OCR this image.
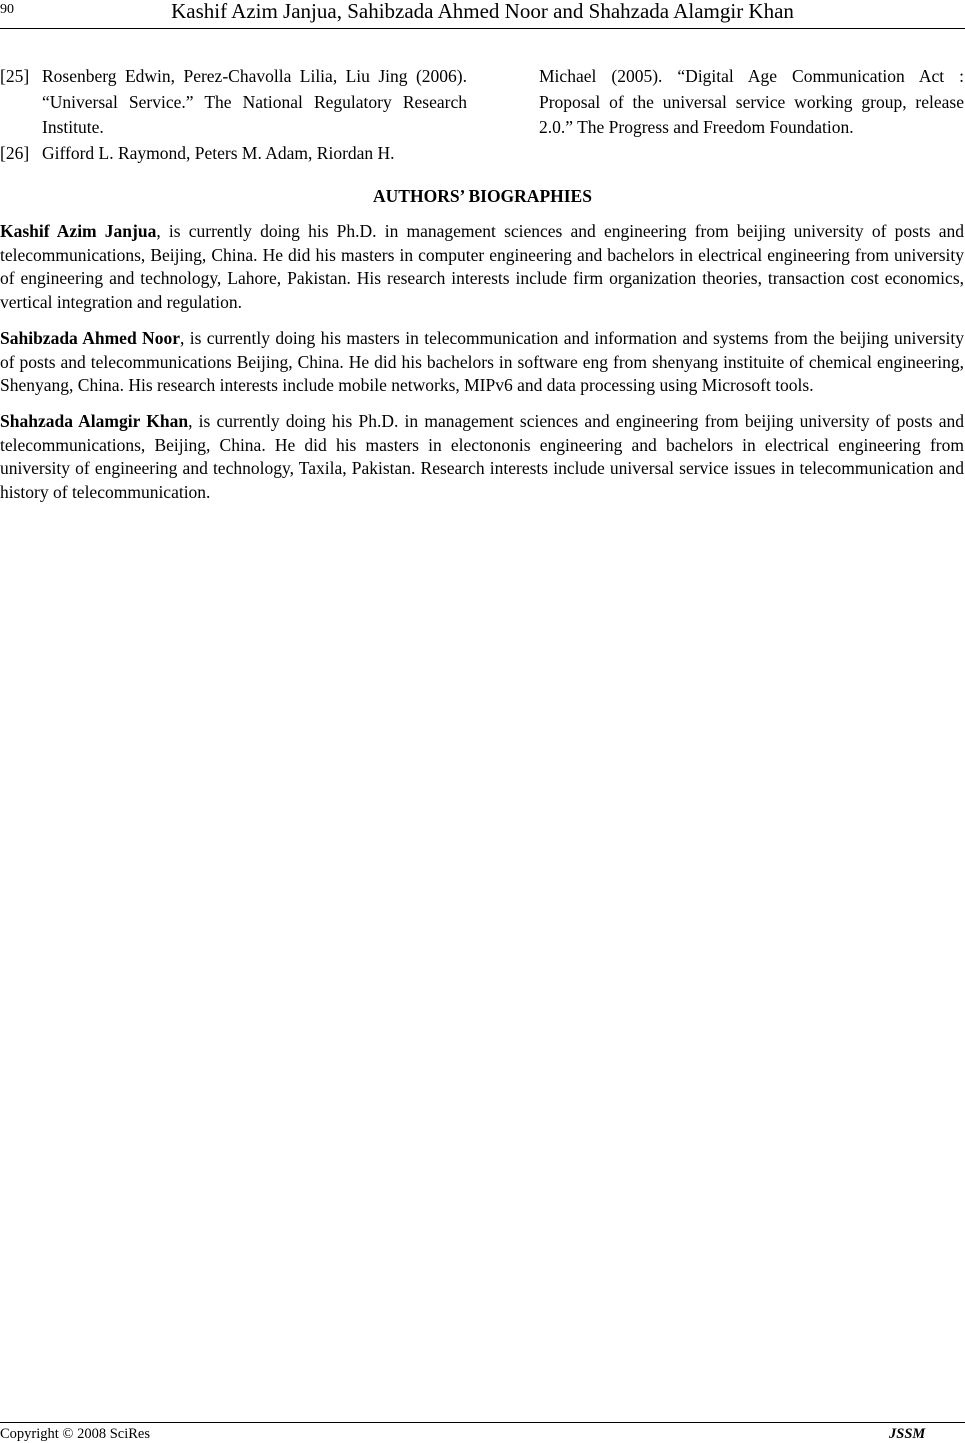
90	Kashif Azim Janjua, Sahibzada Ahmed Noor and Shahzada Alamgir Khan
[25] Rosenberg Edwin, Perez-Chavolla Lilia, Liu Jing (2006). “Universal Service.” The National Regulatory Research Institute.
[26] Gifford L. Raymond, Peters M. Adam, Riordan H.
Michael (2005). “Digital Age Communication Act : Proposal of the universal service working group, release 2.0.” The Progress and Freedom Foundation.
AUTHORS’ BIOGRAPHIES

Kashif Azim Janjua, is currently doing his Ph.D. in management sciences and engineering from beijing university of posts and telecommunications, Beijing, China. He did his masters in computer engineering and bachelors in electrical engineering from university of engineering and technology, Lahore, Pakistan. His research interests include firm organization theories, transaction cost economics, vertical integration and regulation.

Sahibzada Ahmed Noor, is currently doing his masters in telecommunication and information and systems from the beijing university of posts and telecommunications Beijing, China. He did his bachelors in software eng from shenyang instituite of chemical engineering, Shenyang, China. His research interests include mobile networks, MIPv6 and data processing using Microsoft tools.

Shahzada Alamgir Khan, is currently doing his Ph.D. in management sciences and engineering from beijing university of posts and telecommunications, Beijing, China. He did his masters in electononis engineering and bachelors in electrical engineering from university of engineering and technology, Taxila, Pakistan. Research interests include universal service issues in telecommunication and history of telecommunication.

Copyright © 2008 SciRes	JSSM
